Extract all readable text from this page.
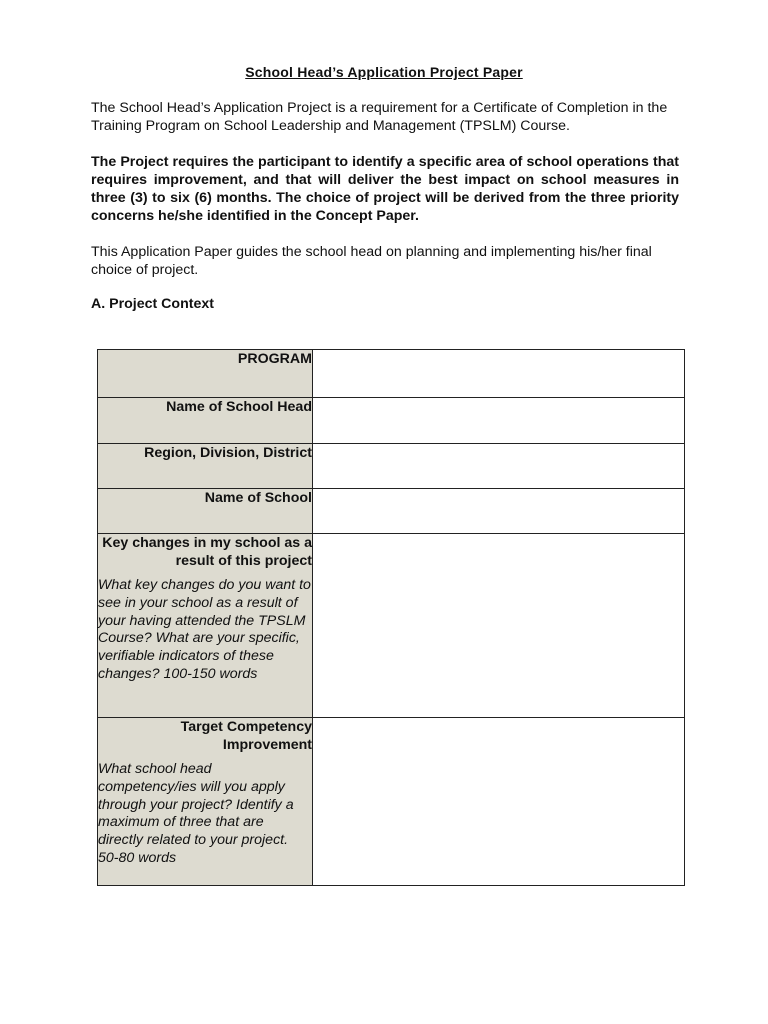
School Head’s Application Project Paper

The School Head’s Application Project is a requirement for a Certificate of Completion in the Training Program on School Leadership and Management (TPSLM) Course.

The Project requires the participant to identify a specific area of school operations that requires improvement, and that will deliver the best impact on school measures in three (3) to six (6) months. The choice of project will be derived from the three priority concerns he/she identified in the Concept Paper.

This Application Paper guides the school head on planning and implementing his/her final choice of project.

A. Project Context
PROGRAM	

Name of School Head	

Region, Division, District	

Name of School	

Key changes in my school as a result of this project
What key changes do you want to see in your school as a result of your having attended the TPSLM Course? What are your specific, verifiable indicators of these changes? 100-150 words	

Target Competency Improvement
What school head competency/ies will you apply through your project? Identify a maximum of three that are directly related to your project. 50-80 words	
